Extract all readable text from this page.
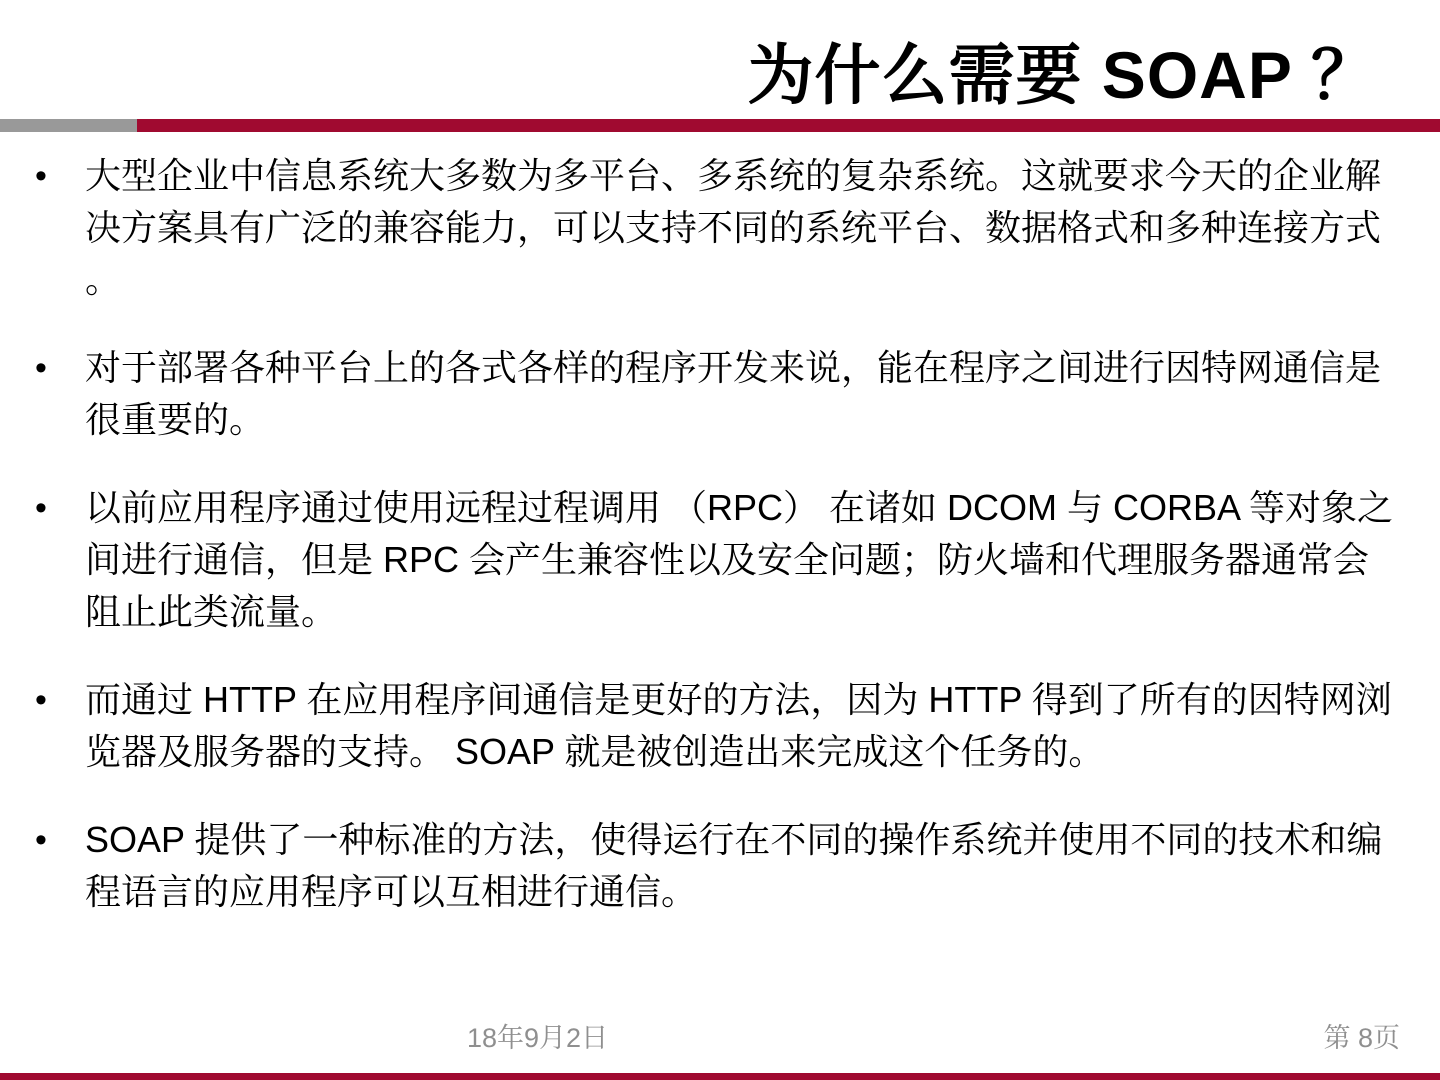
为什么需要 SOAP ？
•	大型企业中信息系统大多数为多平台、多系统的复杂系统。这就要求今天的企业解
决方案具有广泛的兼容能力，可以支持不同的系统平台、数据格式和多种连接方式
。
•	对于部署各种平台上的各式各样的程序开发来说，能在程序之间进行因特网通信是
很重要的。
•	以前应用程序通过使用远程过程调用 （RPC） 在诸如 DCOM 与 CORBA 等对象之
间进行通信，但是 RPC 会产生兼容性以及安全问题；防火墙和代理服务器通常会
阻止此类流量。
•	而通过 HTTP 在应用程序间通信是更好的方法，因为 HTTP 得到了所有的因特网浏
览器及服务器的支持。 SOAP 就是被创造出来完成这个任务的。
•	SOAP 提供了一种标准的方法，使得运行在不同的操作系统并使用不同的技术和编
程语言的应用程序可以互相进行通信。
18年9月2日	第 8页
